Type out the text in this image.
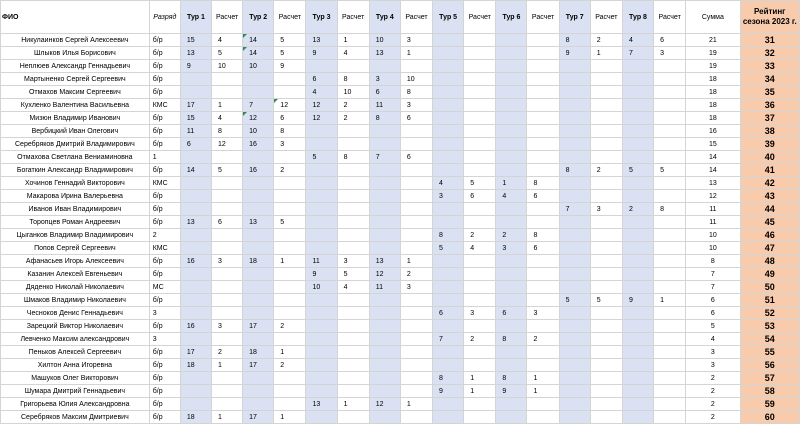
ФИО	Разряд	Тур 1	Расчет	Тур 2	Расчет	Тур 3	Расчет	Тур 4	Расчет	Тур 5	Расчет	Тур 6	Расчет	Тур 7	Расчет	Тур 8	Расчет	Сумма	Рейтинг сезона 2023 г.
Никулаинков Сергей Алексеевич	б/р	15	4	14	5	13	1	10	3					8	2	4	6	21	31
Шлыков Илья Борисович	б/р	13	5	14	5	9	4	13	1					9	1	7	3	19	32
Неплюев Александр Геннадьевич	б/р	9	10	10	9													19	33
Мартыненко Сергей Сергеевич	б/р					6	8	3	10									18	34
Отмахов Максим Сергеевич	б/р					4	10	6	8									18	35
Кухленко Валентина Васильевна	КМС	17	1	7	12	12	2	11	3									18	36
Мизюн Владимир Иванович	б/р	15	4	12	6	12	2	8	6									18	37
Вербицкий Иван Олегович	б/р	11	8	10	8													16	38
Серебряков Дмитрий Владимирович	б/р	6	12	16	3													15	39
Отмахова Светлана Вениаминовна	1					5	8	7	6									14	40
Богаткин Александр Владимирович	б/р	14	5	16	2									8	2	5	5	14	41
Хочинов Геннадий Викторович	КМС									4	5	1	8					13	42
Макарова Ирина Валерьевна	б/р									3	6	4	6					12	43
Иванов Иван Владимирович	б/р													7	3	2	8	11	44
Торопцев Роман Андреевич	б/р	13	6	13	5													11	45
Цыганков Владимир Владимирович	2									8	2	2	8					10	46
Попов Сергей Сергеевич	КМС									5	4	3	6					10	47
Афанасьев Игорь Алексеевич	б/р	16	3	18	1	11	3	13	1									8	48
Казанин Алексей Евгеньевич	б/р					9	5	12	2									7	49
Дяденко Николай Николаевич	МС					10	4	11	3									7	50
Шмаков Владимир Николаевич	б/р													5	5	9	1	6	51
Чесноков Денис Геннадьевич	3									6	3	6	3					6	52
Зарецкий Виктор Николаевич	б/р	16	3	17	2													5	53
Левченко Максим александрович	3									7	2	8	2					4	54
Пеньков Алексей Сергеевич	б/р	17	2	18	1													3	55
Хилтон Анна Игоревна	б/р	18	1	17	2													3	56
Машуков Олег Викторович	б/р									8	1	8	1					2	57
Шумара Дмитрий Геннадьевич	б/р									9	1	9	1					2	58
Григорьева Юлия Александровна	б/р					13	1	12	1									2	59
Серебряков Максим Дмитриевич	б/р	18	1	17	1													2	60
